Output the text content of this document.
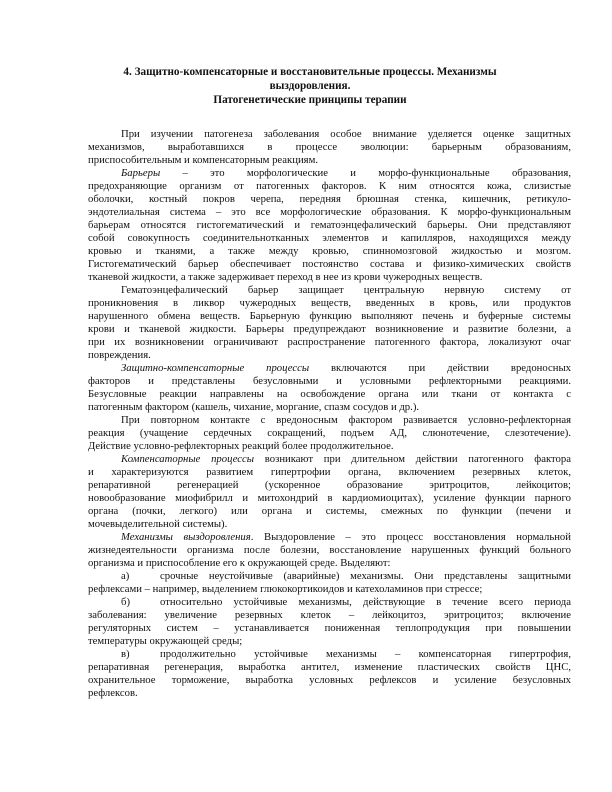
4. Защитно-компенсаторные и восстановительные процессы. Механизмы
выздоровления.
Патогенетические принципы терапии
При изучении патогенеза заболевания особое внимание уделяется оценке защитных
механизмов, выработавшихся в процессе эволюции: барьерным образованиям,
приспособительным и компенсаторным реакциям.
Барьеры – это морфологические и морфо-функциональные образования,
предохраняющие организм от патогенных факторов. К ним относятся кожа, слизистые
оболочки, костный покров черепа, передняя брюшная стенка, кишечник, ретикуло-
эндотелиальная система – это все морфологические образования. К морфо-функциональным
барьерам относятся гистогематический и гематоэнцефалический барьеры. Они представляют
собой совокупность соединительнотканных элементов и капилляров, находящихся между
кровью и тканями, а также между кровью, спинномозговой жидкостью и мозгом.
Гистогематический барьер обеспечивает постоянство состава и физико-химических свойств
тканевой жидкости, а также задерживает переход в нее из крови чужеродных веществ.
Гематоэнцефалический барьер защищает центральную нервную систему от
проникновения в ликвор чужеродных веществ, введенных в кровь, или продуктов
нарушенного обмена веществ. Барьерную функцию выполняют печень и буферные системы
крови и тканевой жидкости. Барьеры предупреждают возникновение и развитие болезни, а
при их возникновении ограничивают распространение патогенного фактора, локализуют очаг
повреждения.
Защитно-компенсаторные процессы включаются при действии вредоносных
факторов и представлены безусловными и условными рефлекторными реакциями.
Безусловные реакции направлены на освобождение органа или ткани от контакта с
патогенным фактором (кашель, чихание, моргание, спазм сосудов и др.).
При повторном контакте с вредоносным фактором развивается условно-рефлекторная
реакция (учащение сердечных сокращений, подъем АД, слюнотечение, слезотечение).
Действие условно-рефлекторных реакций более продолжительное.
Компенсаторные процессы возникают при длительном действии патогенного фактора
и характеризуются развитием гипертрофии органа, включением резервных клеток,
репаративной регенерацией (ускоренное образование эритроцитов, лейкоцитов;
новообразование миофибрилл и митохондрий в кардиомиоцитах), усиление функции парного
органа (почки, легкого) или органа и системы, смежных по функции (печени и
мочевыделительной системы).
Механизмы выздоровления. Выздоровление – это процесс восстановления нормальной
жизнедеятельности организма после болезни, восстановление нарушенных функций больного
организма и приспособление его к окружающей среде. Выделяют:
а)	срочные неустойчивые (аварийные) механизмы. Они представлены защитными
рефлексами – например, выделением глюкокортикоидов и катехоламинов при стрессе;
б)	относительно устойчивые механизмы, действующие в течение всего периода
заболевания: увеличение резервных клеток – лейкоцитоз, эритроцитоз; включение
регуляторных систем – устанавливается пониженная теплопродукция при повышении
температуры окружающей среды;
в)	продолжительно устойчивые механизмы – компенсаторная гипертрофия,
репаративная регенерация, выработка антител, изменение пластических свойств ЦНС,
охранительное торможение, выработка условных рефлексов и усиление безусловных
рефлексов.
